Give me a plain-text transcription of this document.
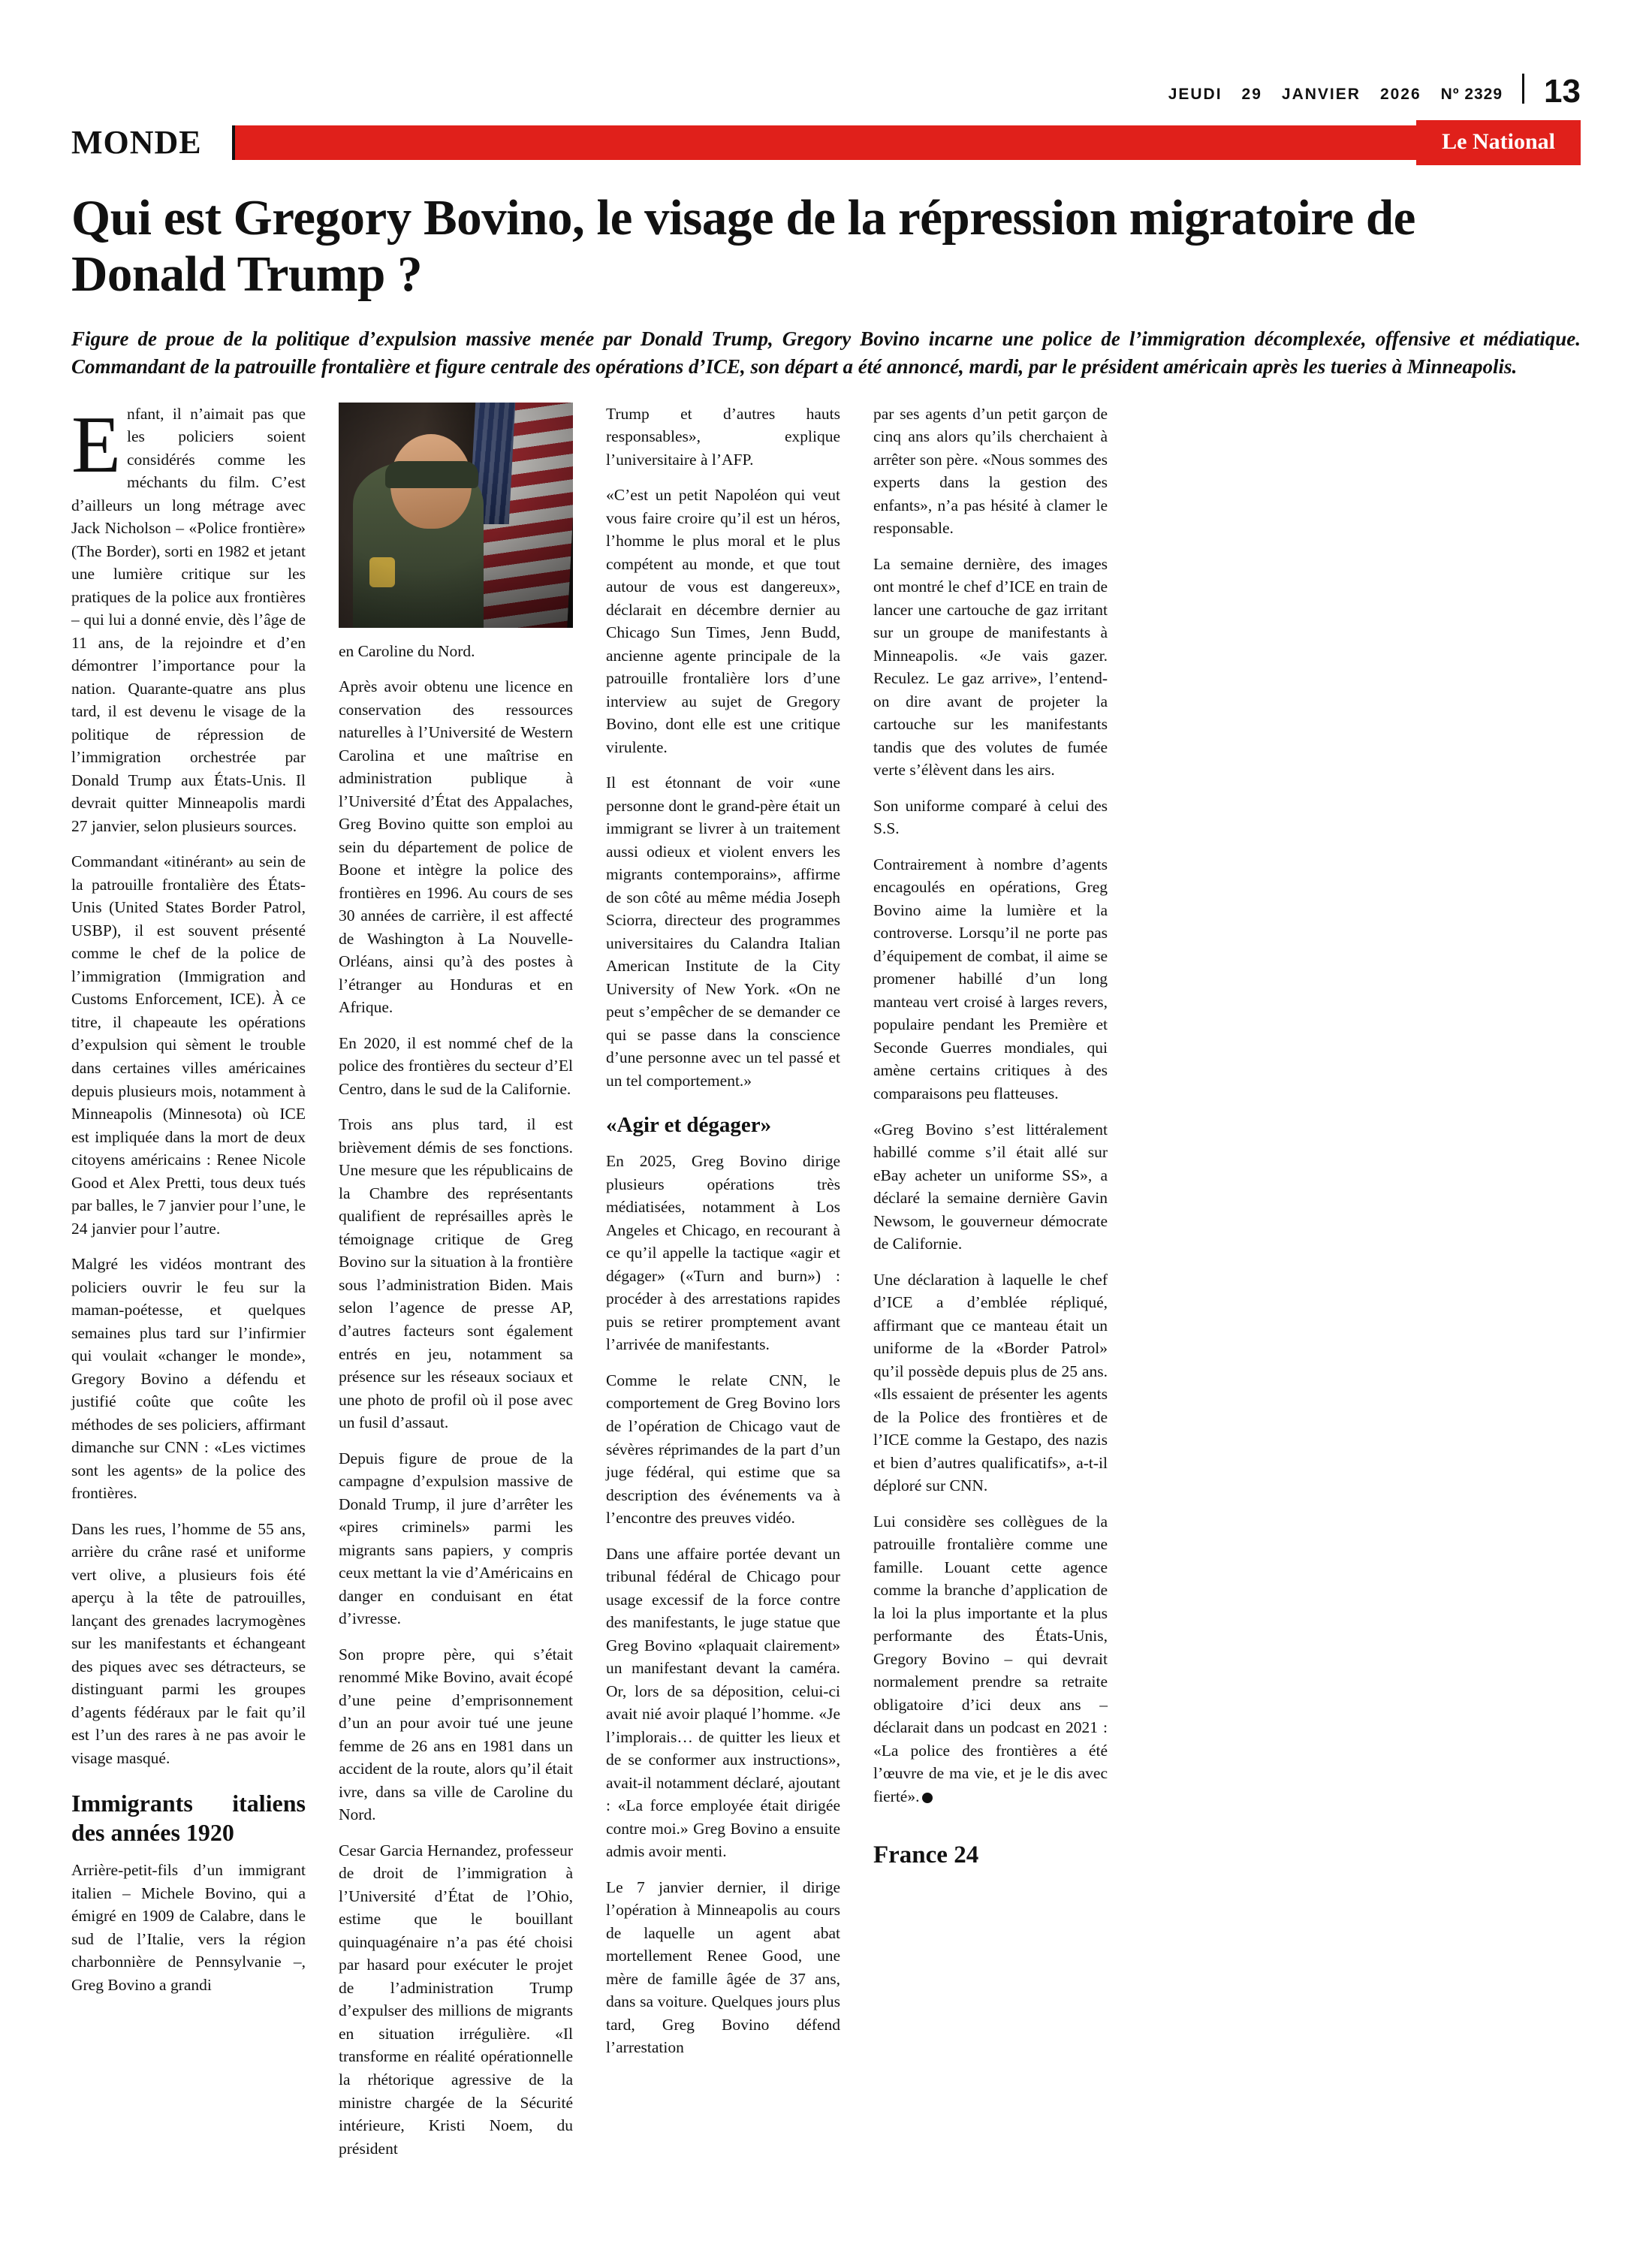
JEUDI 29 JANVIER 2026 Nº 2329 13
MONDE	Le National
Qui est Gregory Bovino, le visage de la répression migratoire de Donald Trump ?

Figure de proue de la politique d’expulsion massive menée par Donald Trump, Gregory Bovino incarne une police de l’immigration décomplexée, offensive et médiatique. Commandant de la patrouille frontalière et figure centrale des opérations d’ICE, son départ a été annoncé, mardi, par le président américain après les tueries à Minneapolis.

Enfant, il n’aimait pas que les policiers soient considérés comme les méchants du film. C’est d’ailleurs un long métrage avec Jack Nicholson – «Police frontière» (The Border), sorti en 1982 et jetant une lumière critique sur les pratiques de la police aux frontières – qui lui a donné envie, dès l’âge de 11 ans, de la rejoindre et d’en démontrer l’importance pour la nation. Quarante-quatre ans plus tard, il est devenu le visage de la politique de répression de l’immigration orchestrée par Donald Trump aux États-Unis. Il devrait quitter Minneapolis mardi 27 janvier, selon plusieurs sources.

Commandant «itinérant» au sein de la patrouille frontalière des États-Unis (United States Border Patrol, USBP), il est souvent présenté comme le chef de la police de l’immigration (Immigration and Customs Enforcement, ICE). À ce titre, il chapeaute les opérations d’expulsion qui sèment le trouble dans certaines villes américaines depuis plusieurs mois, notamment à Minneapolis (Minnesota) où ICE est impliquée dans la mort de deux citoyens américains : Renee Nicole Good et Alex Pretti, tous deux tués par balles, le 7 janvier pour l’une, le 24 janvier pour l’autre.

Malgré les vidéos montrant des policiers ouvrir le feu sur la maman-poétesse, et quelques semaines plus tard sur l’infirmier qui voulait «changer le monde», Gregory Bovino a défendu et justifié coûte que coûte les méthodes de ses policiers, affirmant dimanche sur CNN : «Les victimes sont les agents» de la police des frontières.

Dans les rues, l’homme de 55 ans, arrière du crâne rasé et uniforme vert olive, a plusieurs fois été aperçu à la tête de patrouilles, lançant des grenades lacrymogènes sur les manifestants et échangeant des piques avec ses détracteurs, se distinguant parmi les groupes d’agents fédéraux par le fait qu’il est l’un des rares à ne pas avoir le visage masqué.

Immigrants italiens des années 1920

Arrière-petit-fils d’un immigrant italien – Michele Bovino, qui a émigré en 1909 de Calabre, dans le sud de l’Italie, vers la région charbonnière de Pennsylvanie –, Greg Bovino a grandi

en Caroline du Nord.

Après avoir obtenu une licence en conservation des ressources naturelles à l’Université de Western Carolina et une maîtrise en administration publique à l’Université d’État des Appalaches, Greg Bovino quitte son emploi au sein du département de police de Boone et intègre la police des frontières en 1996. Au cours de ses 30 années de carrière, il est affecté de Washington à La Nouvelle-Orléans, ainsi qu’à des postes à l’étranger au Honduras et en Afrique.

En 2020, il est nommé chef de la police des frontières du secteur d’El Centro, dans le sud de la Californie.

Trois ans plus tard, il est brièvement démis de ses fonctions. Une mesure que les républicains de la Chambre des représentants qualifient de représailles après le témoignage critique de Greg Bovino sur la situation à la frontière sous l’administration Biden. Mais selon l’agence de presse AP, d’autres facteurs sont également entrés en jeu, notamment sa présence sur les réseaux sociaux et une photo de profil où il pose avec un fusil d’assaut.

Depuis figure de proue de la campagne d’expulsion massive de Donald Trump, il jure d’arrêter les «pires criminels» parmi les migrants sans papiers, y compris ceux mettant la vie d’Américains en danger en conduisant en état d’ivresse.

Son propre père, qui s’était renommé Mike Bovino, avait écopé d’une peine d’emprisonnement d’un an pour avoir tué une jeune femme de 26 ans en 1981 dans un accident de la route, alors qu’il était ivre, dans sa ville de Caroline du Nord.

Cesar Garcia Hernandez, professeur de droit de l’immigration à l’Université d’État de l’Ohio, estime que le bouillant quinquagénaire n’a pas été choisi par hasard pour exécuter le projet de l’administration Trump d’expulser des millions de migrants en situation irrégulière. «Il transforme en réalité opérationnelle la rhétorique agressive de la ministre chargée de la Sécurité intérieure, Kristi Noem, du président

Trump et d’autres hauts responsables», explique l’universitaire à l’AFP.

«C’est un petit Napoléon qui veut vous faire croire qu’il est un héros, l’homme le plus moral et le plus compétent au monde, et que tout autour de vous est dangereux», déclarait en décembre dernier au Chicago Sun Times, Jenn Budd, ancienne agente principale de la patrouille frontalière lors d’une interview au sujet de Gregory Bovino, dont elle est une critique virulente.

Il est étonnant de voir «une personne dont le grand-père était un immigrant se livrer à un traitement aussi odieux et violent envers les migrants contemporains», affirme de son côté au même média Joseph Sciorra, directeur des programmes universitaires du Calandra Italian American Institute de la City University of New York. «On ne peut s’empêcher de se demander ce qui se passe dans la conscience d’une personne avec un tel passé et un tel comportement.»

«Agir et dégager»

En 2025, Greg Bovino dirige plusieurs opérations très médiatisées, notamment à Los Angeles et Chicago, en recourant à ce qu’il appelle la tactique «agir et dégager» («Turn and burn») : procéder à des arrestations rapides puis se retirer promptement avant l’arrivée de manifestants.

Comme le relate CNN, le comportement de Greg Bovino lors de l’opération de Chicago vaut de sévères réprimandes de la part d’un juge fédéral, qui estime que sa description des événements va à l’encontre des preuves vidéo.

Dans une affaire portée devant un tribunal fédéral de Chicago pour usage excessif de la force contre des manifestants, le juge statue que Greg Bovino «plaquait clairement» un manifestant devant la caméra. Or, lors de sa déposition, celui-ci avait nié avoir plaqué l’homme. «Je l’implorais… de quitter les lieux et de se conformer aux instructions», avait-il notamment déclaré, ajoutant : «La force employée était dirigée contre moi.» Greg Bovino a ensuite admis avoir menti.

Le 7 janvier dernier, il dirige l’opération à Minneapolis au cours de laquelle un agent abat mortellement Renee Good, une mère de famille âgée de 37 ans, dans sa voiture. Quelques jours plus tard, Greg Bovino défend l’arrestation

par ses agents d’un petit garçon de cinq ans alors qu’ils cherchaient à arrêter son père. «Nous sommes des experts dans la gestion des enfants», n’a pas hésité à clamer le responsable.

La semaine dernière, des images ont montré le chef d’ICE en train de lancer une cartouche de gaz irritant sur un groupe de manifestants à Minneapolis. «Je vais gazer. Reculez. Le gaz arrive», l’entend-on dire avant de projeter la cartouche sur les manifestants tandis que des volutes de fumée verte s’élèvent dans les airs.

Son uniforme comparé à celui des S.S.

Contrairement à nombre d’agents encagoulés en opérations, Greg Bovino aime la lumière et la controverse. Lorsqu’il ne porte pas d’équipement de combat, il aime se promener habillé d’un long manteau vert croisé à larges revers, populaire pendant les Première et Seconde Guerres mondiales, qui amène certains critiques à des comparaisons peu flatteuses.

«Greg Bovino s’est littéralement habillé comme s’il était allé sur eBay acheter un uniforme SS», a déclaré la semaine dernière Gavin Newsom, le gouverneur démocrate de Californie.

Une déclaration à laquelle le chef d’ICE a d’emblée répliqué, affirmant que ce manteau était un uniforme de la «Border Patrol» qu’il possède depuis plus de 25 ans. «Ils essaient de présenter les agents de la Police des frontières et de l’ICE comme la Gestapo, des nazis et bien d’autres qualificatifs», a-t-il déploré sur CNN.

Lui considère ses collègues de la patrouille frontalière comme une famille. Louant cette agence comme la branche d’application de la loi la plus importante et la plus performante des États-Unis, Gregory Bovino – qui devrait normalement prendre sa retraite obligatoire d’ici deux ans – déclarait dans un podcast en 2021 : «La police des frontières a été l’œuvre de ma vie, et je le dis avec fierté».

France 24
